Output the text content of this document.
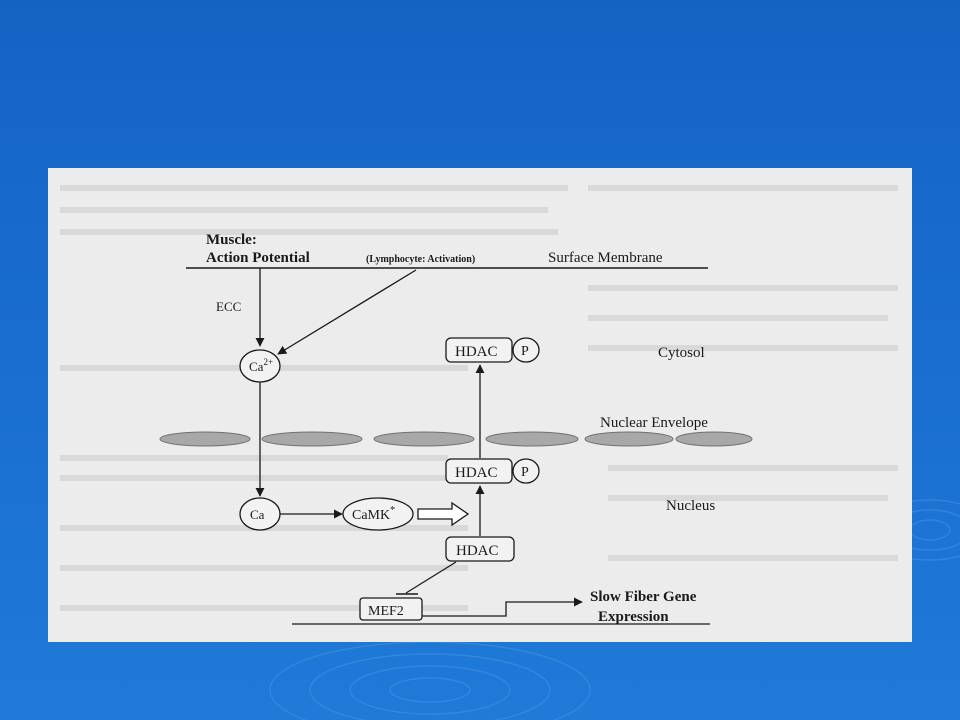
Muscle:
Action Potential	(Lymphocyte: Activation)	Surface Membrane
ECC
$Ca^{2+}$
Nuclear Envelope
Ca	CaMK*
HDAC P	Cytosol
HDAC P
Nucleus
HDAC
MEF2
Slow Fiber Gene
Expression
